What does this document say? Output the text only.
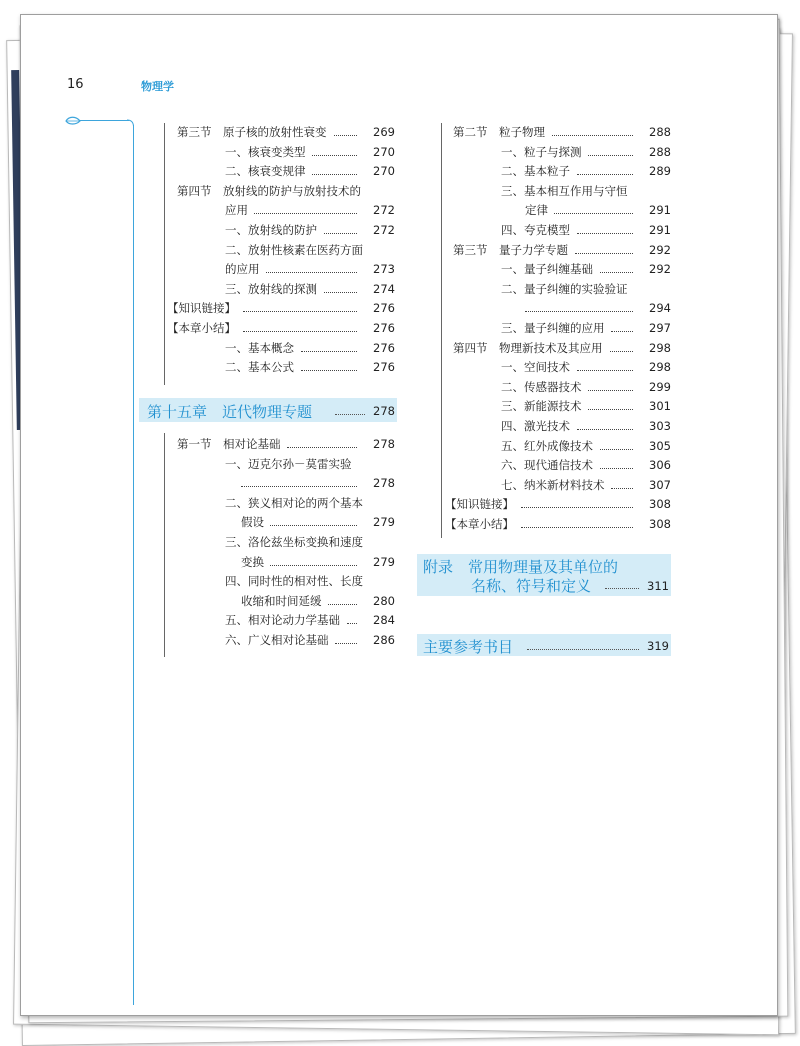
16	物理学
第三节　原子核的放射性衰变	269
一、核衰变类型	270
二、核衰变规律	270
第四节　放射线的防护与放射技术的
应用	272
一、放射线的防护	272
二、放射性核素在医药方面
的应用	273
三、放射线的探测	274
【知识链接】	276
【本章小结】	276
一、基本概念	276
二、基本公式	276
第十五章　近代物理专题	278
第一节　相对论基础	278
一、迈克尔孙－莫雷实验
278
二、狭义相对论的两个基本
假设	279
三、洛伦兹坐标变换和速度
变换	279
四、同时性的相对性、长度
收缩和时间延缓	280
五、相对论动力学基础	284
六、广义相对论基础	286
第二节　粒子物理	288
一、粒子与探测	288
二、基本粒子	289
三、基本相互作用与守恒
定律	291
四、夸克模型	291
第三节　量子力学专题	292
一、量子纠缠基础	292
二、量子纠缠的实验验证
294
三、量子纠缠的应用	297
第四节　物理新技术及其应用	298
一、空间技术	298
二、传感器技术	299
三、新能源技术	301
四、激光技术	303
五、红外成像技术	305
六、现代通信技术	306
七、纳米新材料技术	307
【知识链接】	308
【本章小结】	308
附录　常用物理量及其单位的
名称、符号和定义	311
主要参考书目	319
